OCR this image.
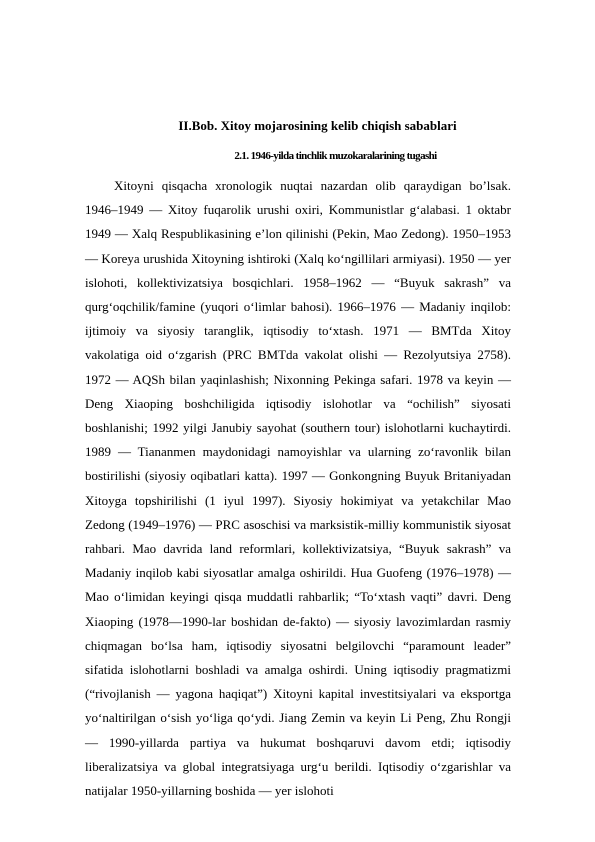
II.Bob. Xitoy mojarosining kelib chiqish sabablari
2.1. 1946-yilda tinchlik muzokaralarining tugashi

Xitoyni qisqacha xronologik nuqtai nazardan olib qaraydigan bo’lsak. 1946–1949 — Xitoy fuqarolik urushi oxiri, Kommunistlar g‘alabasi. 1 oktabr 1949 — Xalq Respublikasining e’lon qilinishi (Pekin, Mao Zedong). 1950–1953 — Koreya urushida Xitoyning ishtiroki (Xalq ko‘ngillilari armiyasi). 1950 — yer islohoti, kollektivizatsiya bosqichlari. 1958–1962 — “Buyuk sakrash” va qurg‘oqchilik/famine (yuqori o‘limlar bahosi). 1966–1976 — Madaniy inqilob: ijtimoiy va siyosiy taranglik, iqtisodiy to‘xtash. 1971 — BMTda Xitoy vakolatiga oid o‘zgarish (PRC BMTda vakolat olishi — Rezolyutsiya 2758). 1972 — AQSh bilan yaqinlashish; Nixonning Pekinga safari. 1978 va keyin — Deng Xiaoping boshchiligida iqtisodiy islohotlar va “ochilish” siyosati boshlanishi; 1992 yilgi Janubiy sayohat (southern tour) islohotlarni kuchaytirdi. 1989 — Tiananmen maydonidagi namoyishlar va ularning zo‘ravonlik bilan bostirilishi (siyosiy oqibatlari katta). 1997 — Gonkongning Buyuk Britaniyadan Xitoyga topshirilishi (1 iyul 1997). Siyosiy hokimiyat va yetakchilar Mao Zedong (1949–1976) — PRC asoschisi va marksistik-milliy kommunistik siyosat rahbari. Mao davrida land reformlari, kollektivizatsiya, “Buyuk sakrash” va Madaniy inqilob kabi siyosatlar amalga oshirildi. Hua Guofeng (1976–1978) — Mao o‘limidan keyingi qisqa muddatli rahbarlik; “To‘xtash vaqti” davri. Deng Xiaoping (1978—1990-lar boshidan de-fakto) — siyosiy lavozimlardan rasmiy chiqmagan bo‘lsa ham, iqtisodiy siyosatni belgilovchi “paramount leader” sifatida islohotlarni boshladi va amalga oshirdi. Uning iqtisodiy pragmatizmi (“rivojlanish — yagona haqiqat”) Xitoyni kapital investitsiyalari va eksportga yo‘naltirilgan o‘sish yo‘liga qo‘ydi. Jiang Zemin va keyin Li Peng, Zhu Rongji — 1990-yillarda partiya va hukumat boshqaruvi davom etdi; iqtisodiy liberalizatsiya va global integratsiyaga urg‘u berildi. Iqtisodiy o‘zgarishlar va natijalar 1950-yillarning boshida — yer islohoti
